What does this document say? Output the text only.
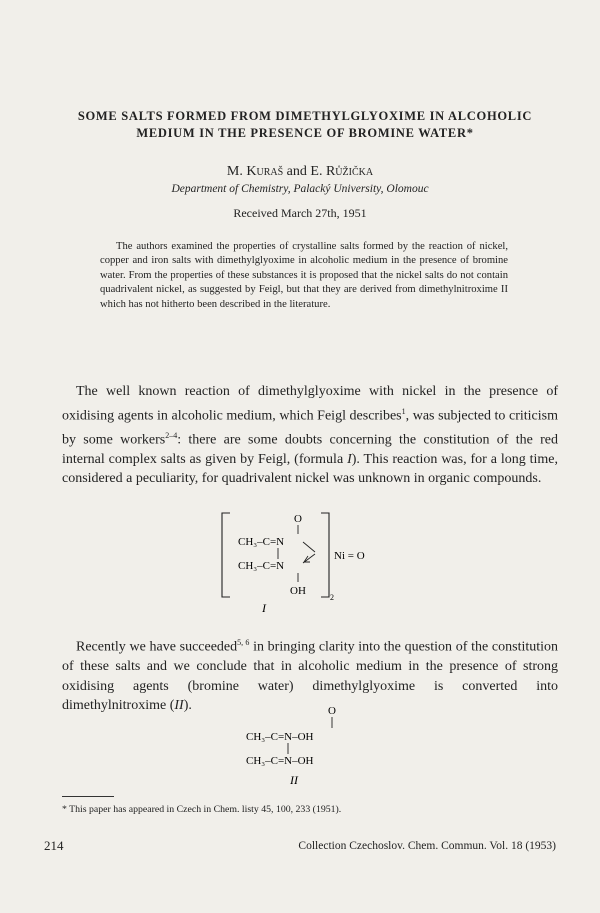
SOME SALTS FORMED FROM DIMETHYLGLYOXIME IN ALCOHOLIC
MEDIUM IN THE PRESENCE OF BROMINE WATER*
M. Kuraš and E. Růžička
Department of Chemistry, Palacký University, Olomouc
Received March 27th, 1951

The authors examined the properties of crystalline salts formed by the reaction of nickel, copper and iron salts with dimethylglyoxime in alcoholic medium in the presence of bromine water. From the properties of these substances it is proposed that the nickel salts do not contain quadrivalent nickel, as suggested by Feigl, but that they are derived from dimethylnitroxime II which has not hitherto been described in the literature.

The well known reaction of dimethylglyoxime with nickel in the presence of oxidising agents in alcoholic medium, which Feigl describes$^1$, was subjected to criticism by some workers$^{2-4}$: there are some doubts concerning the constitution of the red internal complex salts as given by Feigl, (formula I). This reaction was, for a long time, considered a peculiarity, for quadrivalent nickel was unknown in organic compounds.

O
CH₃–C=N
CH₃–C=N
Ni = O
OH
2
I

Recently we have succeeded$^{5, 6}$ in bringing clarity into the question of the constitution of these salts and we conclude that in alcoholic medium in the presence of strong oxidising agents (bromine water) dimethylglyoxime is converted into dimethylnitroxime (II).	O
CH₃–C=N–OH
CH₃–C=N–OH
II
* This paper has appeared in Czech in Chem. listy 45, 100, 233 (1951).
214	Collection Czechoslov. Chem. Commun. Vol. 18 (1953)
